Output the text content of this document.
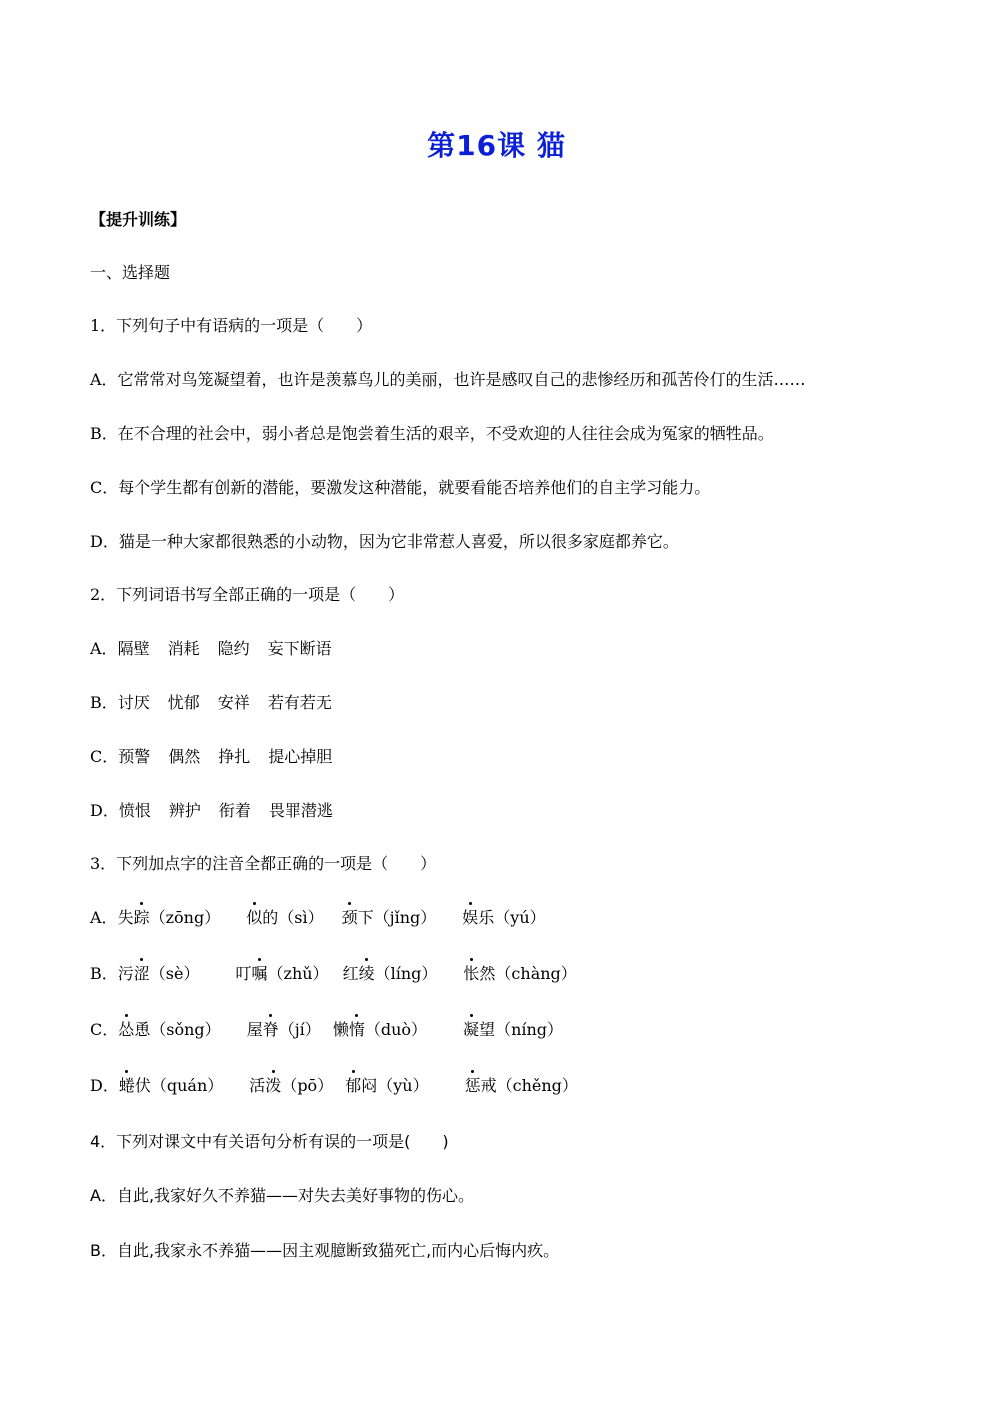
第16课 猫
【提升训练】
一、选择题
1．下列句子中有语病的一项是（　　）
A．它常常对鸟笼凝望着，也许是羡慕鸟儿的美丽，也许是感叹自己的悲惨经历和孤苦伶仃的生活……
B．在不合理的社会中，弱小者总是饱尝着生活的艰辛，不受欢迎的人往往会成为冤家的牺牲品。
C．每个学生都有创新的潜能，要激发这种潜能，就要看能否培养他们的自主学习能力。
D．猫是一种大家都很熟悉的小动物，因为它非常惹人喜爱，所以很多家庭都养它。
2．下列词语书写全部正确的一项是（　　）
A．隔壁 消耗 隐约 妄下断语
B．讨厌 忧郁 安祥 若有若无
C．预警 偶然 挣扎 提心掉胆
D．愤恨 辨护 衔着 畏罪潜逃
3．下列加点字的注音全都正确的一项是（　　）
A．失踪（zōng） 似的（sì） 颈下（jǐng） 娱乐（yú）
B．污涩（sè） 叮嘱（zhǔ） 红绫（líng） 怅然（chàng）
C．怂恿（sǒng） 屋脊（jí） 懒惰（duò） 凝望（níng）
D．蜷伏（quán） 活泼（pō） 郁闷（yù） 惩戒（chěng）
4．下列对课文中有关语句分析有误的一项是(　　)
A．自此,我家好久不养猫——对失去美好事物的伤心。
B．自此,我家永不养猫——因主观臆断致猫死亡,而内心后悔内疚。
